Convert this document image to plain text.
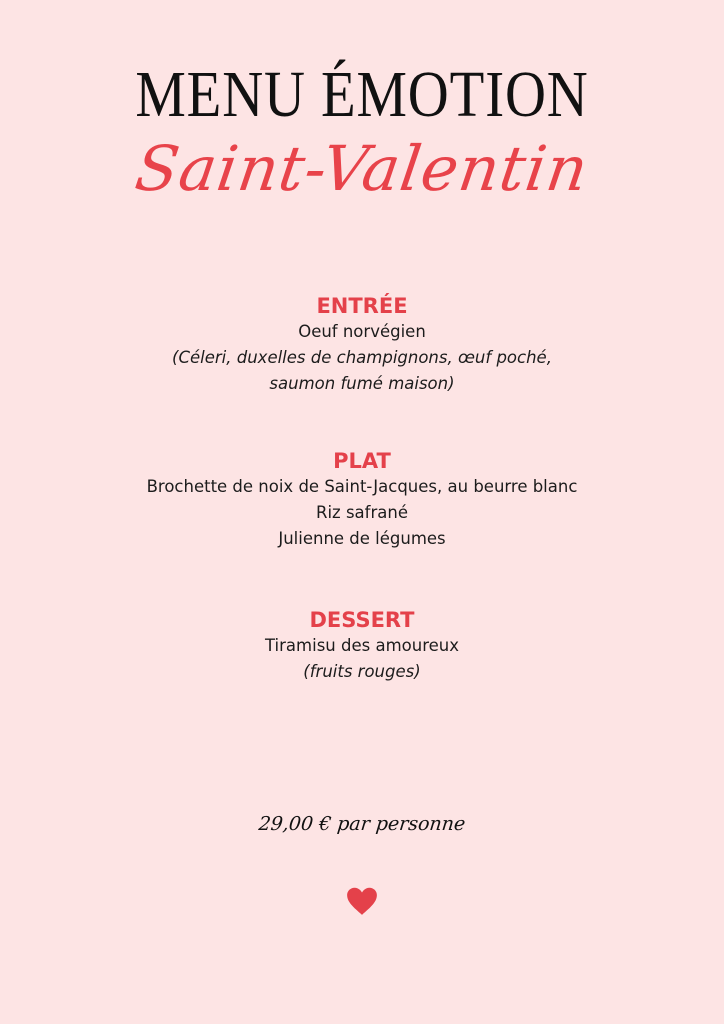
MENU ÉMOTION
Saint-Valentin
ENTRÉE
Oeuf norvégien
(Céleri, duxelles de champignons, œuf poché,
saumon fumé maison)
PLAT
Brochette de noix de Saint-Jacques, au beurre blanc
Riz safrané
Julienne de légumes
DESSERT
Tiramisu des amoureux
(fruits rouges)
29,00 € par personne
